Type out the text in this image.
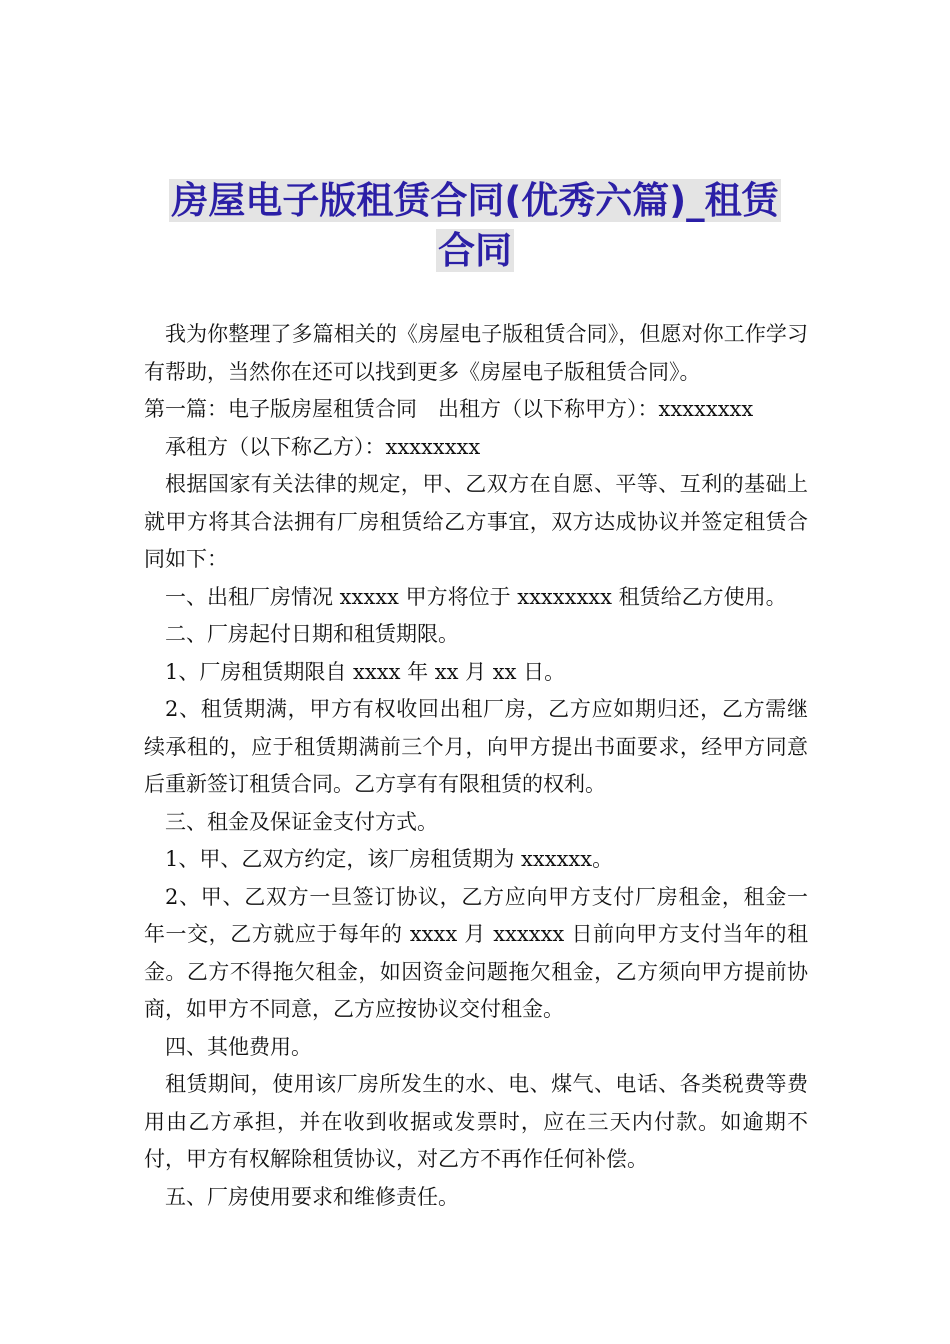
房屋电子版租赁合同(优秀六篇)_租赁
合同

我为你整理了多篇相关的《房屋电子版租赁合同》，但愿对你工作学习有帮助，当然你在还可以找到更多《房屋电子版租赁合同》。

第一篇：电子版房屋租赁合同　出租方（以下称甲方）：xxxxxxxx

承租方（以下称乙方）：xxxxxxxx

根据国家有关法律的规定，甲、乙双方在自愿、平等、互利的基础上就甲方将其合法拥有厂房租赁给乙方事宜，双方达成协议并签定租赁合同如下：

一、出租厂房情况 xxxxx 甲方将位于 xxxxxxxx 租赁给乙方使用。

二、厂房起付日期和租赁期限。

1、厂房租赁期限自 xxxx 年 xx 月 xx 日。

2、租赁期满，甲方有权收回出租厂房，乙方应如期归还，乙方需继续承租的，应于租赁期满前三个月，向甲方提出书面要求，经甲方同意后重新签订租赁合同。乙方享有有限租赁的权利。

三、租金及保证金支付方式。

1、甲、乙双方约定，该厂房租赁期为 xxxxxx。

2、甲、乙双方一旦签订协议，乙方应向甲方支付厂房租金，租金一年一交，乙方就应于每年的 xxxx 月 xxxxxx 日前向甲方支付当年的租金。乙方不得拖欠租金，如因资金问题拖欠租金，乙方须向甲方提前协商，如甲方不同意，乙方应按协议交付租金。

四、其他费用。

租赁期间，使用该厂房所发生的水、电、煤气、电话、各类税费等费用由乙方承担，并在收到收据或发票时，应在三天内付款。如逾期不付，甲方有权解除租赁协议，对乙方不再作任何补偿。

五、厂房使用要求和维修责任。
